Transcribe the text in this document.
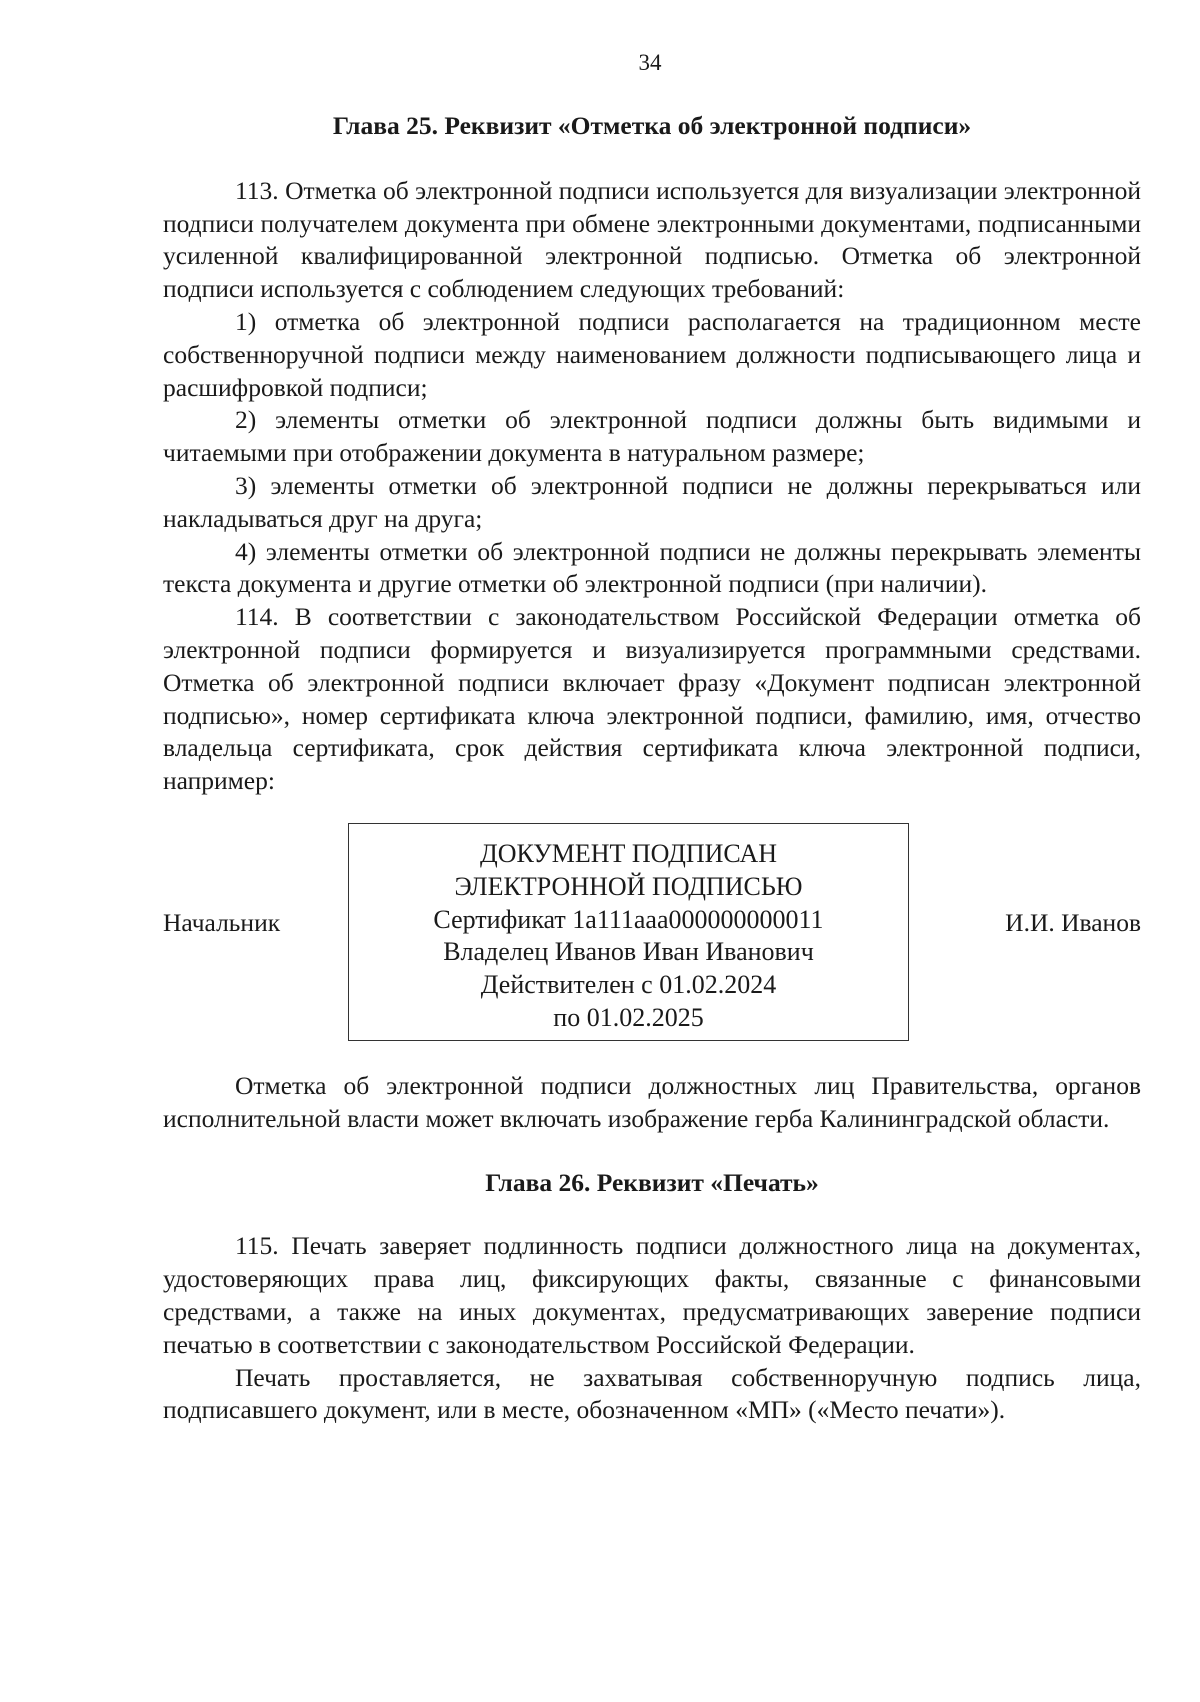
34
Глава 25. Реквизит «Отметка об электронной подписи»

113. Отметка об электронной подписи используется для визуализации электронной подписи получателем документа при обмене электронными документами, подписанными усиленной квалифицированной электронной подписью. Отметка об электронной подписи используется с соблюдением следующих требований:

1) отметка об электронной подписи располагается на традиционном месте собственноручной подписи между наименованием должности подписывающего лица и расшифровкой подписи;

2) элементы отметки об электронной подписи должны быть видимыми и читаемыми при отображении документа в натуральном размере;

3) элементы отметки об электронной подписи не должны перекрываться или накладываться друг на друга;

4) элементы отметки об электронной подписи не должны перекрывать элементы текста документа и другие отметки об электронной подписи (при наличии).

114. В соответствии с законодательством Российской Федерации отметка об электронной подписи формируется и визуализируется программными средствами. Отметка об электронной подписи включает фразу «Документ подписан электронной подписью», номер сертификата ключа электронной подписи, фамилию, имя, отчество владельца сертификата, срок действия сертификата ключа электронной подписи, например:

Начальник
ДОКУМЕНТ ПОДПИСАН
ЭЛЕКТРОННОЙ ПОДПИСЬЮ
Сертификат 1a111aaa000000000011
Владелец Иванов Иван Иванович
Действителен с 01.02.2024
по 01.02.2025
И.И. Иванов

Отметка об электронной подписи должностных лиц Правительства, органов исполнительной власти может включать изображение герба Калининградской области.

Глава 26. Реквизит «Печать»

115. Печать заверяет подлинность подписи должностного лица на документах, удостоверяющих права лиц, фиксирующих факты, связанные с финансовыми средствами, а также на иных документах, предусматривающих заверение подписи печатью в соответствии с законодательством Российской Федерации.

Печать проставляется, не захватывая собственноручную подпись лица, подписавшего документ, или в месте, обозначенном «МП» («Место печати»).
